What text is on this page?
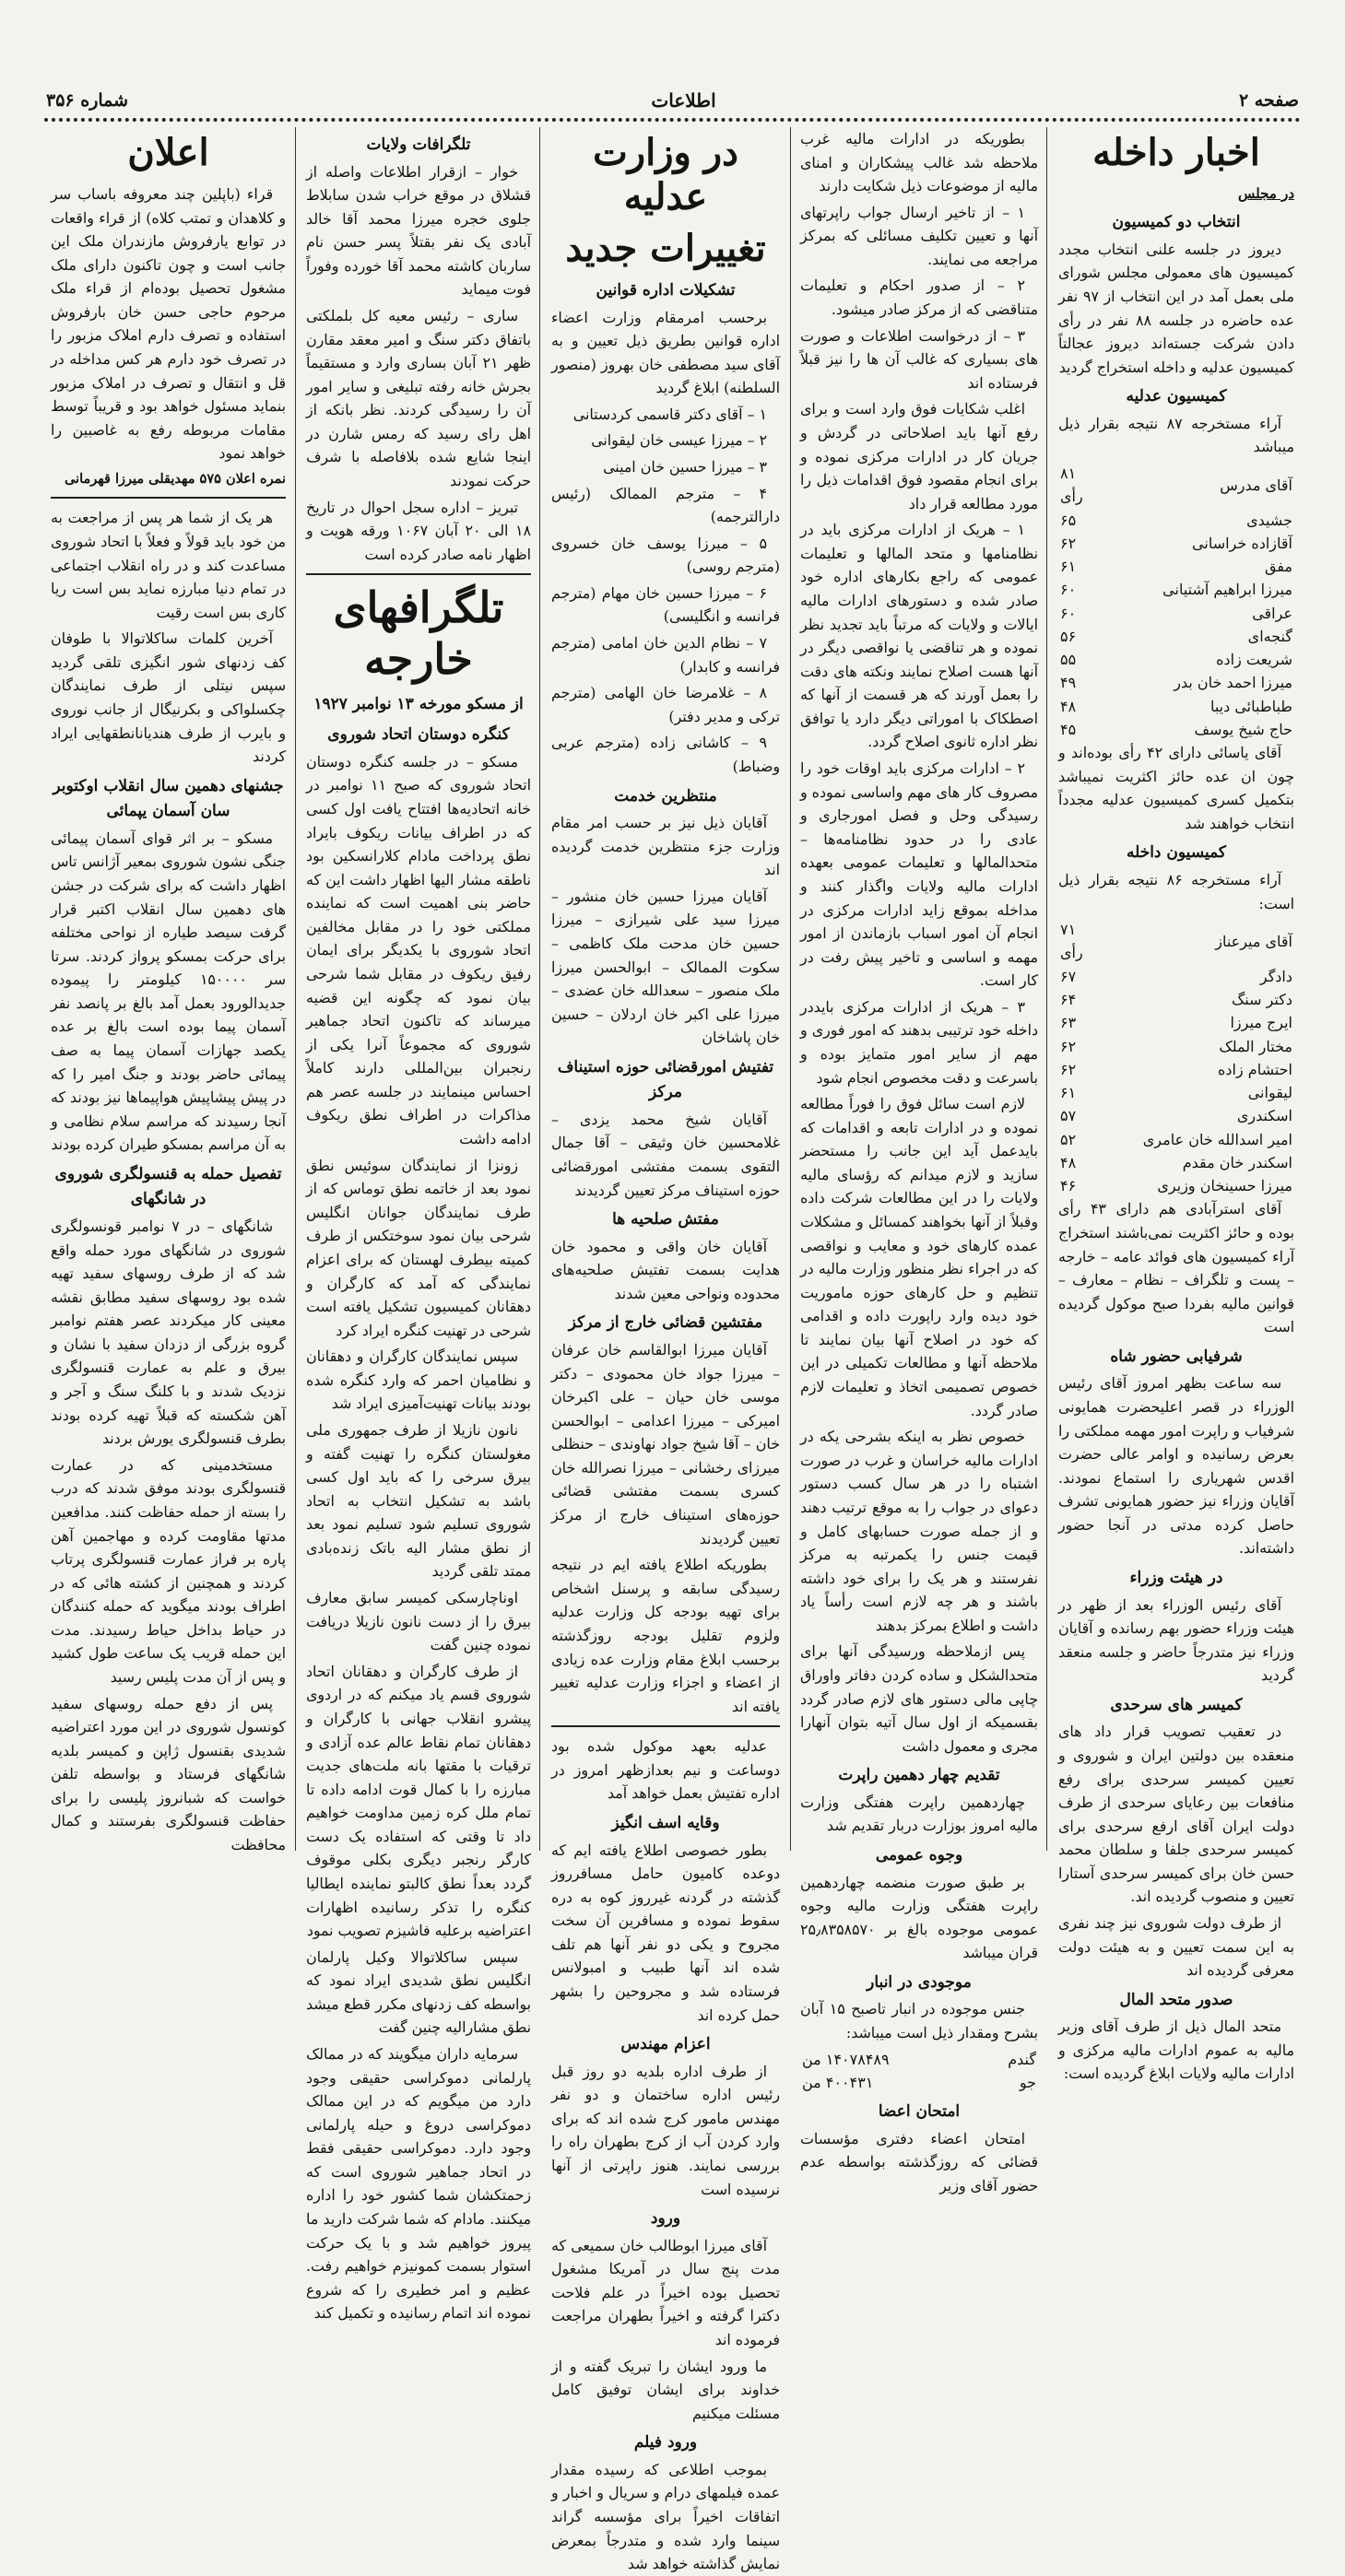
صفحه ۲
اطلاعات
شماره ۳۵۶
اخبار داخله

در مجلس

انتخاب دو کمیسیون

دیروز در جلسه علنی انتخاب مجدد کمیسیون های معمولی مجلس شورای ملی بعمل آمد در این انتخاب از ۹۷ نفر عده حاضره در جلسه ۸۸ نفر در رأی دادن شرکت جسته‌اند دیروز عجالتاً کمیسیون عدلیه و داخله استخراج گردید

کمیسیون عدلیه

آراء مستخرجه ۸۷ نتیجه بقرار ذیل میباشد

آقای مدرس	۸۱ رأی
جشیدی	۶۵
آقازاده خراسانی	۶۲
مفق	۶۱
میرزا ابراهیم آشتیانی	۶۰
عراقی	۶۰
گنجه‌ای	۵۶
شریعت زاده	۵۵
میرزا احمد خان بدر	۴۹
طباطبائی دیبا	۴۸
حاج شیخ یوسف	۴۵

آقای یاسائی دارای ۴۲ رأی بوده‌اند و چون ان عده حائز اکثریت نمیباشد بتکمیل کسری کمیسیون عدلیه مجدداً انتخاب خواهند شد

کمیسیون داخله

آراء مستخرجه ۸۶ نتیجه بقرار ذیل است:

آقای میرعناز	۷۱ رأی
دادگر	۶۷
دکتر سنگ	۶۴
ایرج میرزا	۶۳
مختار الملک	۶۲
احتشام زاده	۶۲
لیقوانی	۶۱
اسکندری	۵۷
امیر اسدالله خان عامری	۵۲
اسکندر خان مقدم	۴۸
میرزا حسینخان وزیری	۴۶

آقای استرآبادی هم دارای ۴۳ رأی بوده و حائز اکثریت نمی‌باشند استخراج آراء کمیسیون های فوائد عامه – خارجه – پست و تلگراف – نظام – معارف – قوانین مالیه بفردا صبح موکول گردیده است

شرفیابی حضور شاه

سه ساعت بظهر امروز آقای رئیس الوزراء در قصر اعلیحضرت همایونی شرفیاب و راپرت امور مهمه مملکتی را بعرض رسانیده و اوامر عالی حضرت اقدس شهریاری را استماع نمودند. آقایان وزراء نیز حضور همایونی تشرف حاصل کرده مدتی در آنجا حضور داشته‌اند.

در هیئت وزراء

آقای رئیس الوزراء بعد از ظهر در هیئت وزراء حضور بهم رسانده و آقایان وزراء نیز متدرجاً حاضر و جلسه منعقد گردید

کمیسر های سرحدی

در تعقیب تصویب قرار داد های منعقده بین دولتین ایران و شوروی و تعیین کمیسر سرحدی برای رفع منافعات بین رعایای سرحدی از طرف دولت ایران آقای ارفع سرحدی برای کمیسر سرحدی جلفا و سلطان محمد حسن خان برای کمیسر سرحدی آستارا تعیین و منصوب گردیده اند.

از طرف دولت شوروی نیز چند نفری به این سمت تعیین و به هیئت دولت معرفی گردیده اند

صدور متحد المال

متحد المال ذیل از طرف آقای وزیر مالیه به عموم ادارات مالیه مرکزی و ادارات مالیه ولایات ابلاغ گردیده است:

بطوریکه در ادارات مالیه غرب ملاحظه شد غالب پیشکاران و امنای مالیه از موضوعات ذیل شکایت دارند

۱ – از تاخیر ارسال جواب راپرتهای آنها و تعیین تکلیف مسائلی که بمرکز مراجعه می نمایند.

۲ – از صدور احکام و تعلیمات متناقضی که از مرکز صادر میشود.

۳ – از درخواست اطلاعات و صورت های بسیاری که غالب آن ها را نیز قبلاً فرستاده اند

اغلب شکایات فوق وارد است و برای رفع آنها باید اصلاحاتی در گردش و جریان کار در ادارات مرکزی نموده و برای انجام مقصود فوق اقدامات ذیل را مورد مطالعه قرار داد

۱ – هریک از ادارات مرکزی باید در نظامنامها و متحد المالها و تعلیمات عمومی که راجع بکارهای اداره خود صادر شده و دستورهای ادارات مالیه ایالات و ولایات که مرتباً باید تجدید نظر نموده و هر تناقضی یا نواقصی دیگر در آنها هست اصلاح نمایند ونکته های دقت را بعمل آورند که هر قسمت از آنها که اصطکاک با اموراتی دیگر دارد یا توافق نظر اداره ثانوی اصلاح گردد.

۲ – ادارات مرکزی باید اوقات خود را مصروف کار های مهم واساسی نموده و رسیدگی وحل و فصل امورجاری و عادی را در حدود نظامنامه‌ها – متحدالمالها و تعلیمات عمومی بعهده ادارات مالیه ولایات واگذار کنند و مداخله بموقع زاید ادارات مرکزی در انجام آن امور اسباب بازماندن از امور مهمه و اساسی و تاخیر پیش رفت در کار است.

۳ – هریک از ادارات مرکزی بایددر داخله خود ترتیبی بدهند که امور فوری و مهم از سایر امور متمایز بوده و باسرعت و دقت مخصوص انجام شود

لازم است سائل فوق را فوراً مطالعه نموده و در ادارات تابعه و اقدامات که بایدعمل آید این جانب را مستحضر سازید و لازم میدانم که رؤسای مالیه ولایات را در این مطالعات شرکت داده وقبلاً از آنها بخواهند کمسائل و مشکلات عمده کارهای خود و معایب و نواقصی که در اجراء نظر منظور وزارت مالیه در تنظیم و حل کارهای حوزه ماموریت خود دیده وارد راپورت داده و اقدامی که خود در اصلاح آنها بیان نمایند تا ملاحظه آنها و مطالعات تکمیلی در این خصوص تصمیمی اتخاذ و تعلیمات لازم صادر گردد.

خصوص نظر به اینکه بشرحی یکه در ادارات مالیه خراسان و غرب در صورت اشتباه را در هر سال کسب دستور دعوای در جواب را به موقع ترتیب دهند و از جمله صورت حسابهای کامل و قیمت جنس را یکمرتبه به مرکز نفرستند و هر یک را برای خود داشته باشند و هر چه لازم است رأساً یاد داشت و اطلاع بمرکز بدهند

پس ازملاحظه ورسیدگی آنها برای متحدالشکل و ساده کردن دفاتر واوراق چاپی مالی دستور های لازم صادر گردد بقسمیکه از اول سال آتیه بتوان آنهارا مجری و معمول داشت

تقدیم چهار دهمین راپرت

چهاردهمین راپرت هفتگی وزارت مالیه امروز بوزارت دربار تقدیم شد

وجوه عمومی

بر طبق صورت منضمه چهاردهمین راپرت هفتگی وزارت مالیه وجوه عمومی موجوده بالغ بر ۲۵٫۸۳۵۸۵۷۰ قران میباشد

موجودی در انبار

جنس موجوده در انبار تاصبح ۱۵ آبان بشرح ومقدار ذیل است میباشد:

گندم	۱۴۰۷۸۴۸۹ من
جو	۴۰۰۴۳۱ من

امتحان اعضا

امتحان اعضاء دفتری مؤسسات قضائی که روزگذشته بواسطه عدم حضور آقای وزیر

در وزارت عدلیه
تغییرات جدید

تشکیلات اداره قوانین

برحسب امرمقام وزارت اعضاء اداره قوانین بطریق ذیل تعیین و به آقای سید مصطفی خان بهروز (منصور السلطنه) ابلاغ گردید

۱ – آقای دکتر قاسمی کردستانی

۲ – میرزا عیسی خان لیقوانی

۳ – میرزا حسین خان امینی

۴ – مترجم الممالک (رئیس دارالترجمه)

۵ – میرزا یوسف خان خسروی (مترجم روسی)

۶ – میرزا حسین خان مهام (مترجم فرانسه و انگلیسی)

۷ – نظام الدین خان امامی (مترجم فرانسه و کابدار)

۸ – غلامرضا خان الهامی (مترجم ترکی و مدیر دفتر)

۹ – کاشانی زاده (مترجم عربی وضباط)

منتظرین خدمت

آقایان ذیل نیز بر حسب امر مقام وزارت جزء منتظرین خدمت گردیده اند

آقایان میرزا حسین خان منشور – میرزا سید علی شیرازی – میرزا حسین خان مدحت ملک کاظمی – سکوت الممالک – ابوالحسن میرزا ملک منصور – سعدالله خان عضدی – میرزا علی اکبر خان اردلان – حسین خان پاشاخان

تفتیش امورقضائی حوزه استیناف مرکز

آقایان شیخ محمد یزدی – غلامحسین خان وثیقی – آقا جمال التقوی بسمت مفتشی امورقضائی حوزه استیناف مرکز تعیین گردیدند

مفتش صلحیه ها

آقایان خان واقی و محمود خان هدایت بسمت تفتیش صلحیه‌های محدوده ونواحی معین شدند

مفتشین قضائی خارج از مرکز

آقایان میرزا ابوالقاسم خان عرفان – میرزا جواد خان محمودی – دکتر موسی خان حیان – علی اکبرخان امیرکی – میرزا اعدامی – ابوالحسن خان – آقا شیخ جواد نهاوندی – حنظلی میرزای رخشانی – میرزا نصرالله خان کسری بسمت مفتشی قضائی حوزه‌های استیناف خارج از مرکز تعیین گردیدند

بطوریکه اطلاع یافته ایم در نتیجه رسیدگی سابقه و پرسنل اشخاص برای تهیه بودجه کل وزارت عدلیه ولزوم تقلیل بودجه روزگذشته برحسب ابلاغ مقام وزارت عده زیادی از اعضاء و اجزاء وزارت عدلیه تغییر یافته اند

عدلیه بعهد موکول شده بود دوساعت و نیم بعدازظهر امروز در اداره تفتیش بعمل خواهد آمد

وقایه اسف انگیز

بطور خصوصی اطلاع یافته ایم که دوعده کامیون حامل مسافرروز گذشته در گردنه غیرروز کوه به دره سقوط نموده و مسافرین آن سخت مجروح و یکی دو نفر آنها هم تلف شده اند آنها طبیب و امبولانس فرستاده شد و مجروحین را بشهر حمل کرده اند

اعزام مهندس

از طرف اداره بلدیه دو روز قبل رئیس اداره ساختمان و دو نفر مهندس مامور کرج شده اند که برای وارد کردن آب از کرج بطهران راه را بررسی نمایند. هنوز راپرتی از آنها نرسیده است

ورود

آقای میرزا ابوطالب خان سمیعی که مدت پنج سال در آمریکا مشغول تحصیل بوده اخیراً در علم فلاحت دکترا گرفته و اخیراً بطهران مراجعت فرموده اند

ما ورود ایشان را تبریک گفته و از خداوند برای ایشان توفیق کامل مسئلت میکنیم

ورود فیلم

بموجب اطلاعی که رسیده مقدار عمده فیلمهای درام و سریال و اخبار و اتفاقات اخیراً برای مؤسسه گراند سینما وارد شده و متدرجاً بمعرض نمایش گذاشته خواهد شد

تلگرافات ولایات

خوار – ازقرار اطلاعات واصله از قشلاق در موقع خراب شدن سابلاط جلوی خجره میرزا محمد آقا خالد آبادی یک نفر بقتلاً پسر حسن نام ساربان کاشته محمد آقا خورده وفوراً فوت میماید

ساری – رئیس معیه کل بلملکتی باتفاق دکتر سنگ و امیر معقد مقارن ظهر ۲۱ آبان بساری وارد و مستقیماً بجرش خانه رفته‌ تبلیغی و سایر امور آن را رسیدگی کردند. نظر بانکه از اهل رای رسید که رمس شارن در اینجا شایع شده بلافاصله با شرف حرکت نمودند

تبریز – اداره سجل احوال در تاریخ ۱۸ الی ۲۰ آبان ۱۰۶۷ ورقه هویت و اظهار نامه صادر کرده است

تلگرافهای خارجه

از مسکو مورخه ۱۳ نوامبر ۱۹۲۷

کنگره دوستان اتحاد شوروی

مسکو – در جلسه کنگره دوستان اتحاد شوروی که صبح ۱۱ نوامبر در خانه اتحادیه‌ها افتتاح یافت اول کسی که در اطراف بیانات ریکوف بایراد نطق پرداخت مادام کلارانسکین بود ناطقه مشار الیها اظهار داشت این که حاضر بنی اهمیت است که نماینده مملکتی خود را در مقابل مخالفین اتحاد شوروی با یکدیگر برای ایمان رفیق ریکوف در مقابل شما شرحی بیان نمود که چگونه این قضیه میرساند که تاکنون اتحاد جماهیر شوروی که مجموعاً آنرا یکی از رنجبران بین‌المللی دارند کاملاً احساس مینمایند در جلسه عصر هم مذاکرات در اطراف نطق ریکوف ادامه داشت

زونزا از نمایندگان سوئیس نطق نمود بعد از خاتمه نطق توماس که از طرف نمایندگان جوانان انگلیس شرحی بیان نمود سوختکس از طرف کمیته بیطرف لهستان که برای اعزام نمایندگی که آمد که کارگران و دهقانان کمیسیون تشکیل یافته است شرحی در تهنیت کنگره ایراد کرد

سپس نمایندگان کارگران و دهقانان و نظامیان احمر که وارد کنگره شده بودند بیانات تهنیت‌آمیزی ایراد شد

نانون نازیلا از طرف جمهوری ملی مغولستان کنگره را تهنیت گفته و بیرق سرخی را که باید اول کسی باشد به تشکیل انتخاب به اتحاد شوروی تسلیم شود تسلیم نمود بعد از نطق مشار الیه باتک زنده‌بادی ممتد تلقی گردید

اوناچارسکی کمیسر سابق معارف بیرق را از دست نانون نازیلا دریافت نموده چنین گفت

از طرف کارگران و دهقانان اتحاد شوروی قسم یاد میکنم که در اردوی پیشرو انقلاب جهانی با کارگران و دهقانان تمام نقاط عالم عده آزادی و ترقیات با مقتها بانه ملت‌های جدیت مبارزه را با کمال قوت ادامه داده تا تمام ملل کره زمین مداومت خواهیم داد تا وقتی که استفاده یک دست کارگر رنجبر دیگری بکلی موقوف گردد بعداً نطق کالبتو نماینده ایطالیا کنگره را تذکر رسانیده اظهارات اعتراضیه برعلیه فاشیزم تصویب نمود

سپس ساکلاتوالا وکیل پارلمان انگلیس نطق شدیدی ایراد نمود که بواسطه کف زدنهای مکرر قطع میشد نطق مشارالیه چنین گفت

سرمایه داران میگویند که در ممالک پارلمانی دموکراسی حقیقی وجود دارد من میگویم که در این ممالک دموکراسی دروغ و حیله پارلمانی وجود دارد. دموکراسی حقیقی فقط در اتحاد جماهیر شوروی است که زحمتکشان شما کشور خود را اداره میکنند. مادام که شما شرکت دارید ما پیروز خواهیم شد و با یک حرکت استوار بسمت کمونیزم خواهیم رفت. عظیم و امر خطیری را که شروع نموده اند اتمام رسانیده و تکمیل کند

اعلان

قراء (باپلین چند معروفه باساب سر و کلاهدان و تمتب کلاه) از قراء واقعات در توابع یارفروش مازندران ملک این جانب است و چون تاکنون دارای ملک مشغول تحصیل بوده‌ام از قراء ملک مرحوم حاجی حسن خان بارفروش استفاده و تصرف دارم املاک مزبور را در تصرف خود دارم هر کس مداخله در قل و انتقال و تصرف در املاک مزبور بنماید مسئول خواهد بود و قریباً توسط مقامات مربوطه رفع به غاصبین را خواهد نمود

نمره اعلان ۵۷۵ مهدیقلی میرزا قهرمانی

هر یک از شما هر پس از مراجعت به من خود باید قولاً و فعلاً با اتحاد شوروی مساعدت کند و در راه انقلاب اجتماعی در تمام دنیا مبارزه نماید بس است ریا کاری بس است رقیت

آخرین کلمات ساکلاتوالا با طوفان کف زدنهای شور انگیزی تلقی گردید سپس نیتلی از طرف نمایندگان چکسلواکی و بکرنیگال از جانب نوروی و بایرب از طرف هندیانانطقهایی ایراد کردند

جشنهای دهمین سال انقلاب اوکتوبر سان آسمان یپمائی

مسکو – بر اثر قوای آسمان پیمائی جنگی نشون شوروی بمعیر آژانس تاس اظهار داشت که برای شرکت در جشن های دهمین سال انقلاب اکتبر قرار گرفت سیصد طیاره از نواحی مختلفه برای حرکت بمسکو پرواز کردند. سرتا سر ۱۵۰۰۰۰ کیلومتر را پیموده جدیدالورود بعمل آمد بالغ بر پانصد نفر آسمان پیما بوده است بالغ بر عده یکصد جهازات آسمان پیما به صف پیمائی حاضر بودند و جنگ امیر را که در پیش پیشاپیش هواپیماها نیز بودند که آنجا رسیدند که مراسم سلام نظامی و به آن مراسم بمسکو طیران کرده بودند

تفصیل حمله به قنسولگری شوروی در شانگهای

شانگهای – در ۷ نوامبر قونسولگری شوروی در شانگهای مورد حمله واقع شد که از طرف روسهای سفید تهیه شده بود روسهای سفید مطابق نقشه معینی کار میکردند عصر هفتم نوامبر گروه بزرگی از دزدان سفید با نشان و بیرق و علم به عمارت قنسولگری نزدیک شدند و با کلنگ سنگ و آجر و آهن شکسته که قبلاً تهیه کرده بودند بطرف قنسولگری یورش بردند

مستخدمینی که در عمارت قنسولگری بودند موفق شدند که درب را بسته از حمله حفاظت کنند. مدافعین مدتها مقاومت کرده و مهاجمین آهن پاره بر فراز عمارت قنسولگری پرتاب کردند و همچنین از کشته هائی که در اطراف بودند میگوید که حمله کنندگان در حیاط بداخل حیاط رسیدند. مدت این حمله قریب یک ساعت طول کشید و پس از آن مدت پلیس رسید

پس از دفع حمله روسهای سفید کونسول شوروی در این مورد اعتراضیه شدیدی بقنسول ژاپن و کمیسر بلدیه شانگهای فرستاد و بواسطه تلفن خواست که شبانروز پلیسی را برای حفاظت قنسولگری بفرستند و کمال محافظت
